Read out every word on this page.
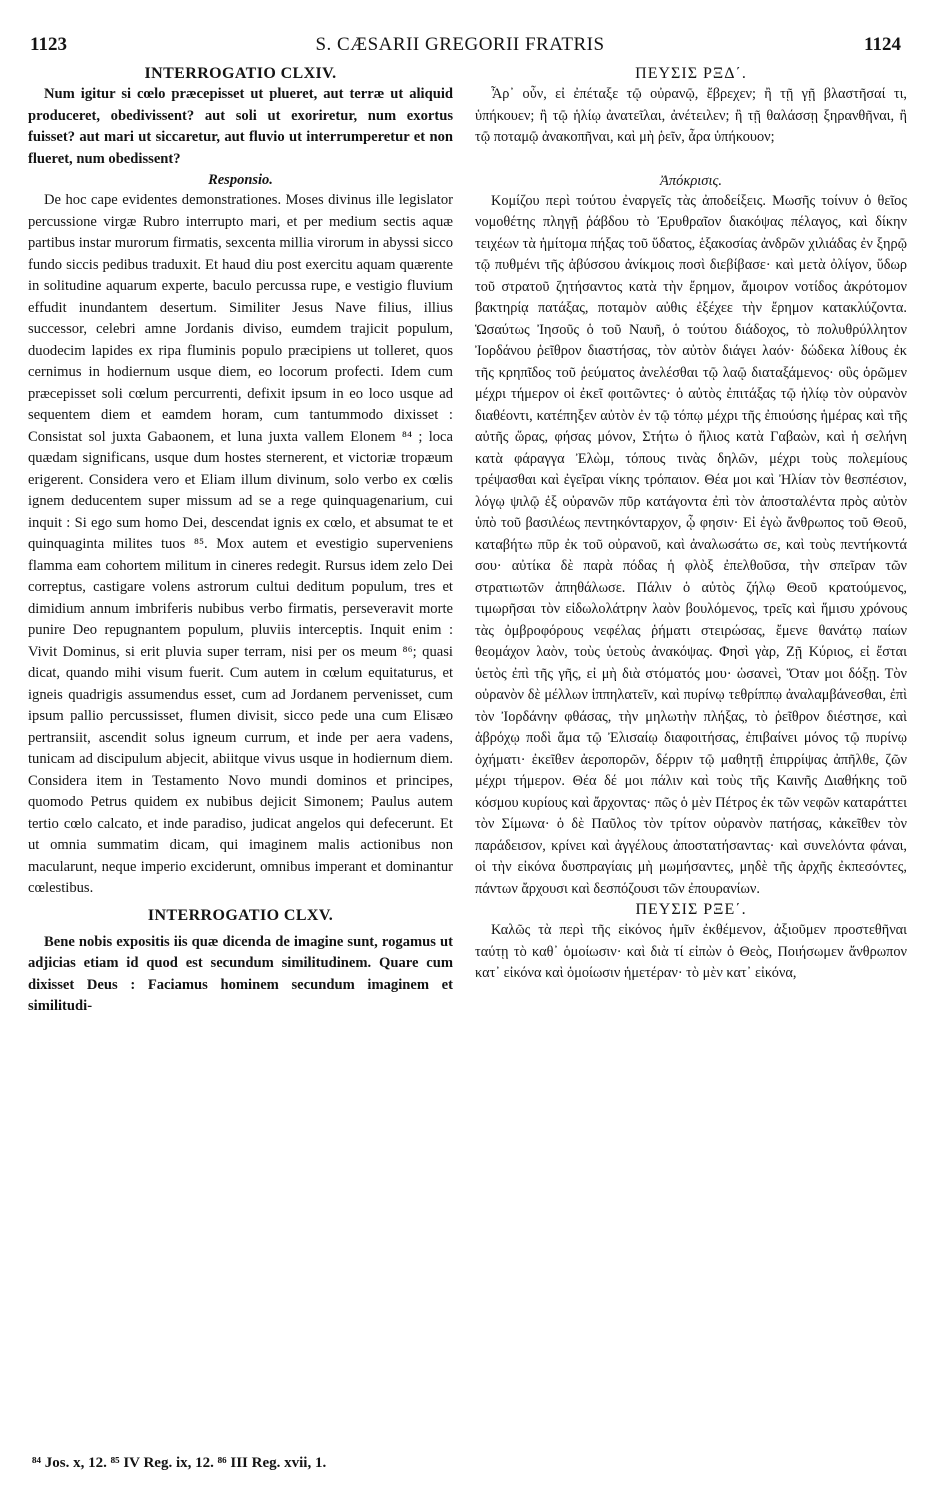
1123	S. CÆSARII GREGORII FRATRIS	1124

INTERROGATIO CLXIV.

Num igitur si cœlo præcepisset ut plueret, aut terræ ut aliquid produceret, obedivissent? aut soli ut exoriretur, num exortus fuisset? aut mari ut siccaretur, aut fluvio ut interrumperetur et non flueret, num obedissent?

Responsio.

De hoc cape evidentes demonstrationes. Moses divinus ille legislator percussione virgæ Rubro interrupto mari, et per medium sectis aquæ partibus instar murorum firmatis, sexcenta millia virorum in abyssi sicco fundo siccis pedibus traduxit. Et haud diu post exercitu aquam quærente in solitudine aquarum experte, baculo percussa rupe, e vestigio fluvium effudit inundantem desertum. Similiter Jesus Nave filius, illius successor, celebri amne Jordanis diviso, eumdem trajicit populum, duodecim lapides ex ripa fluminis populo præcipiens ut tolleret, quos cernimus in hodiernum usque diem, eo locorum profecti. Idem cum præcepisset soli cœlum percurrenti, defixit ipsum in eo loco usque ad sequentem diem et eamdem horam, cum tantummodo dixisset : Consistat sol juxta Gabaonem, et luna juxta vallem Elonem ⁸⁴ ; loca quædam significans, usque dum hostes sternerent, et victoriæ tropæum erigerent. Considera vero et Eliam illum divinum, solo verbo ex cœlis ignem deducentem super missum ad se a rege quinquagenarium, cui inquit : Si ego sum homo Dei, descendat ignis ex cœlo, et absumat te et quinquaginta milites tuos ⁸⁵. Mox autem et evestigio superveniens flamma eam cohortem militum in cineres redegit. Rursus idem zelo Dei correptus, castigare volens astrorum cultui deditum populum, tres et dimidium annum imbriferis nubibus verbo firmatis, perseveravit morte punire Deo repugnantem populum, pluviis interceptis. Inquit enim : Vivit Dominus, si erit pluvia super terram, nisi per os meum ⁸⁶; quasi dicat, quando mihi visum fuerit. Cum autem in cœlum equitaturus, et igneis quadrigis assumendus esset, cum ad Jordanem pervenisset, cum ipsum pallio percussisset, flumen divisit, sicco pede una cum Elisæo pertransiit, ascendit solus igneum currum, et inde per aera vadens, tunicam ad discipulum abjecit, abiitque vivus usque in hodiernum diem. Considera item in Testamento Novo mundi dominos et principes, quomodo Petrus quidem ex nubibus dejicit Simonem; Paulus autem tertio cœlo calcato, et inde paradiso, judicat angelos qui defecerunt. Et ut omnia summatim dicam, qui imaginem malis actionibus non macularunt, neque imperio exciderunt, omnibus imperant et dominantur cœlestibus.

INTERROGATIO CLXV.

Bene nobis expositis iis quæ dicenda de imagine sunt, rogamus ut adjicias etiam id quod est secundum similitudinem. Quare cum dixisset Deus : Faciamus hominem secundum imaginem et similitudi-

ΠΕΥΣΙΣ ΡΞΔ΄.

Ἆρ᾽ οὖν, εἰ ἐπέταξε τῷ οὐρανῷ, ἔβρεχεν; ἢ τῇ γῇ βλαστῆσαί τι, ὑπήκουεν; ἢ τῷ ἡλίῳ ἀνατεῖλαι, ἀνέτειλεν; ἢ τῇ θαλάσσῃ ξηρανθῆναι, ἢ τῷ ποταμῷ ἀνακοπῆναι, καὶ μὴ ῥεῖν, ἆρα ὑπήκουον;

Ἀπόκρισις.

Κομίζου περὶ τούτου ἐναργεῖς τὰς ἀποδείξεις. Μωσῆς τοίνυν ὁ θεῖος νομοθέτης πληγῇ ῥάβδου τὸ Ἐρυθραῖον διακόψας πέλαγος, καὶ δίκην τειχέων τὰ ἡμίτομα πήξας τοῦ ὕδατος, ἑξακοσίας ἀνδρῶν χιλιάδας ἐν ξηρῷ τῷ πυθμένι τῆς ἀβύσσου ἀνίκμοις ποσὶ διεβίβασε· καὶ μετὰ ὀλίγον, ὕδωρ τοῦ στρατοῦ ζητήσαντος κατὰ τὴν ἔρημον, ἄμοιρον νοτίδος ἀκρότομον βακτηρίᾳ πατάξας, ποταμὸν αὐθις ἐξέχεε τὴν ἔρημον κατακλύζοντα. Ὡσαύτως Ἰησοῦς ὁ τοῦ Ναυῆ, ὁ τούτου διάδοχος, τὸ πολυθρύλλητον Ἰορδάνου ῥεῖθρον διαστήσας, τὸν αὐτὸν διάγει λαόν· δώδεκα λίθους ἐκ τῆς κρηπῖδος τοῦ ῥεύματος ἀνελέσθαι τῷ λαῷ διαταξάμενος· οὓς ὁρῶμεν μέχρι τήμερον οἱ ἐκεῖ φοιτῶντες· ὁ αὐτὸς ἐπιτάξας τῷ ἡλίῳ τὸν οὐρανὸν διαθέοντι, κατέπηξεν αὐτὸν ἐν τῷ τόπῳ μέχρι τῆς ἐπιούσης ἡμέρας καὶ τῆς αὐτῆς ὥρας, φήσας μόνον, Στήτω ὁ ἥλιος κατὰ Γαβαὼν, καὶ ἡ σελήνη κατὰ φάραγγα Ἐλὼμ, τόπους τινὰς δηλῶν, μέχρι τοὺς πολεμίους τρέψασθαι καὶ ἐγεῖραι νίκης τρόπαιον. Θέα μοι καὶ Ἠλίαν τὸν θεσπέσιον, λόγῳ ψιλῷ ἐξ οὐρανῶν πῦρ κατάγοντα ἐπὶ τὸν ἀποσταλέντα πρὸς αὐτὸν ὑπὸ τοῦ βασιλέως πεντηκόνταρχον, ᾧ φησιν· Εἰ ἐγὼ ἄνθρωπος τοῦ Θεοῦ, καταβήτω πῦρ ἐκ τοῦ οὐρανοῦ, καὶ ἀναλωσάτω σε, καὶ τοὺς πεντήκοντά σου· αὐτίκα δὲ παρὰ πόδας ἡ φλὸξ ἐπελθοῦσα, τὴν σπεῖραν τῶν στρατιωτῶν ἀπηθάλωσε. Πάλιν ὁ αὐτὸς ζήλῳ Θεοῦ κρατούμενος, τιμωρῆσαι τὸν εἰδωλολάτρην λαὸν βουλόμενος, τρεῖς καὶ ἥμισυ χρόνους τὰς ὀμβροφόρους νεφέλας ῥήματι στειρώσας, ἔμενε θανάτῳ παίων θεομάχον λαὸν, τοὺς ὑετοὺς ἀνακόψας. Φησὶ γὰρ, Ζῇ Κύριος, εἰ ἔσται ὑετὸς ἐπὶ τῆς γῆς, εἰ μὴ διὰ στόματός μου· ὡσανεὶ, Ὅταν μοι δόξῃ. Τὸν οὐρανὸν δὲ μέλλων ἱππηλατεῖν, καὶ πυρίνῳ τεθρίππῳ ἀναλαμβάνεσθαι, ἐπὶ τὸν Ἰορδάνην φθάσας, τὴν μηλωτὴν πλήξας, τὸ ῥεῖθρον διέστησε, καὶ ἀβρόχῳ ποδὶ ἅμα τῷ Ἐλισαίῳ διαφοιτήσας, ἐπιβαίνει μόνος τῷ πυρίνῳ ὀχήματι· ἐκεῖθεν ἀεροπορῶν, δέρριν τῷ μαθητῇ ἐπιρρίψας ἀπῆλθε, ζῶν μέχρι τήμερον. Θέα δέ μοι πάλιν καὶ τοὺς τῆς Καινῆς Διαθήκης τοῦ κόσμου κυρίους καὶ ἄρχοντας· πῶς ὁ μὲν Πέτρος ἐκ τῶν νεφῶν καταράττει τὸν Σίμωνα· ὁ δὲ Παῦλος τὸν τρίτον οὐρανὸν πατήσας, κἀκεῖθεν τὸν παράδεισον, κρίνει καὶ ἀγγέλους ἀποστατήσαντας· καὶ συνελόντα φάναι, οἱ τὴν εἰκόνα δυσπραγίαις μὴ μωμήσαντες, μηδὲ τῆς ἀρχῆς ἐκπεσόντες, πάντων ἄρχουσι καὶ δεσπόζουσι τῶν ἐπουρανίων.

ΠΕΥΣΙΣ ΡΞΕ΄.

Καλῶς τὰ περὶ τῆς εἰκόνος ἡμῖν ἐκθέμενον, ἀξιοῦμεν προστεθῆναι ταύτῃ τὸ καθ᾽ ὁμοίωσιν· καὶ διὰ τί εἰπὼν ὁ Θεὸς, Ποιήσωμεν ἄνθρωπον κατ᾽ εἰκόνα καὶ ὁμοίωσιν ἡμετέραν· τὸ μὲν κατ᾽ εἰκόνα,

⁸⁴ Jos. x, 12. ⁸⁵ IV Reg. ix, 12. ⁸⁶ III Reg. xvii, 1.
